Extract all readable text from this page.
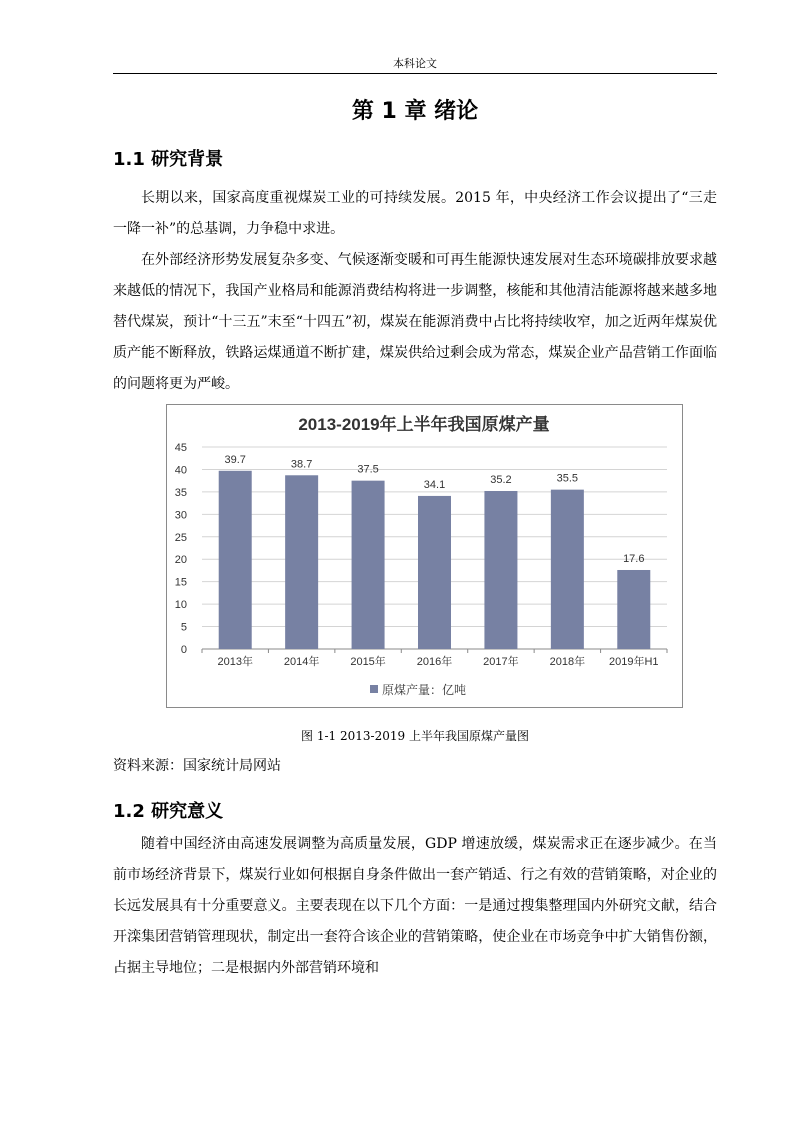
本科论文
第 1 章 绪论
1.1 研究背景
长期以来，国家高度重视煤炭工业的可持续发展。2015 年，中央经济工作会议提出了“三走一降一补”的总基调，力争稳中求进。
在外部经济形势发展复杂多变、气候逐渐变暖和可再生能源快速发展对生态环境碳排放要求越来越低的情况下，我国产业格局和能源消费结构将进一步调整，核能和其他清洁能源将越来越多地替代煤炭，预计“十三五”末至“十四五”初，煤炭在能源消费中占比将持续收窄，加之近两年煤炭优质产能不断释放，铁路运煤通道不断扩建，煤炭供给过剩会成为常态，煤炭企业产品营销工作面临的问题将更为严峻。
2013-2019年上半年我国原煤产量
0
5
10
15
20
25
30
35
40
45
39.7
2013年
38.7
2014年
37.5
2015年
34.1
2016年
35.2
2017年
35.5
2018年
17.6
2019年H1
原煤产量：亿吨
图 1-1 2013-2019 上半年我国原煤产量图
资料来源：国家统计局网站
1.2 研究意义
随着中国经济由高速发展调整为高质量发展，GDP 增速放缓，煤炭需求正在逐步减少。在当前市场经济背景下，煤炭行业如何根据自身条件做出一套产销适、行之有效的营销策略，对企业的长远发展具有十分重要意义。主要表现在以下几个方面：一是通过搜集整理国内外研究文献，结合开滦集团营销管理现状，制定出一套符合该企业的营销策略，使企业在市场竞争中扩大销售份额，占据主导地位；二是根据内外部营销环境和
